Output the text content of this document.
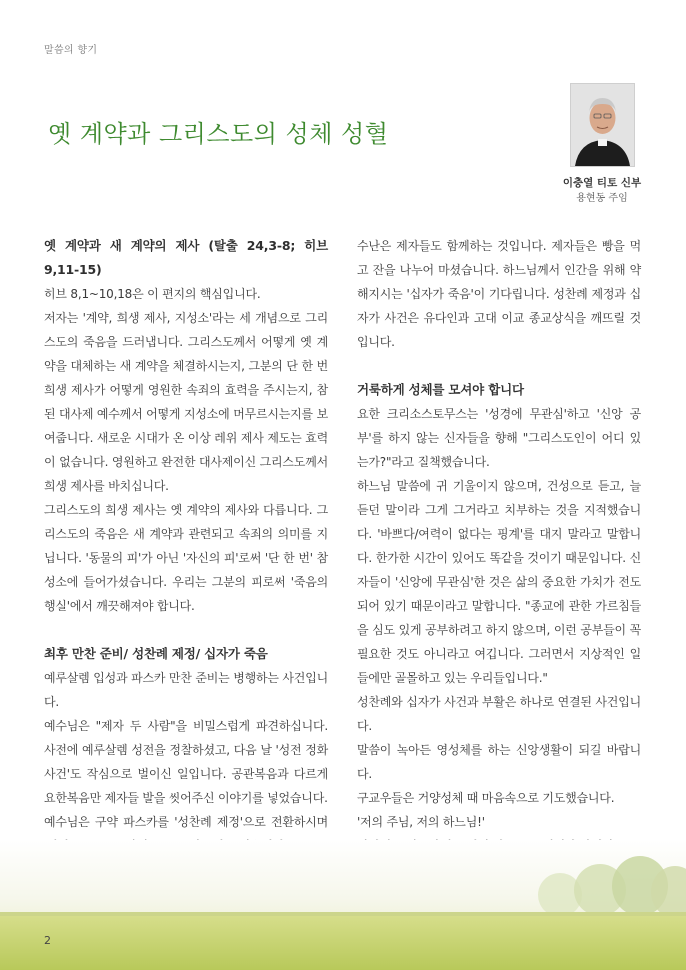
말씀의 향기
옛 계약과 그리스도의 성체 성혈
이충열 티토 신부
용현동 주임

옛 계약과 새 계약의 제사 (탈출 24,3-8; 히브 9,11-15)

히브 8,1~10,18은 이 편지의 핵심입니다.

저자는 '계약, 희생 제사, 지성소'라는 세 개념으로 그리스도의 죽음을 드러냅니다. 그리스도께서 어떻게 옛 계약을 대체하는 새 계약을 체결하시는지, 그분의 단 한 번 희생 제사가 어떻게 영원한 속죄의 효력을 주시는지, 참된 대사제 예수께서 어떻게 지성소에 머무르시는지를 보여줍니다. 새로운 시대가 온 이상 레위 제사 제도는 효력이 없습니다. 영원하고 완전한 대사제이신 그리스도께서 희생 제사를 바치십니다.

그리스도의 희생 제사는 옛 계약의 제사와 다릅니다. 그리스도의 죽음은 새 계약과 관련되고 속죄의 의미를 지닙니다. '동물의 피'가 아닌 '자신의 피'로써 '단 한 번' 참 성소에 들어가셨습니다. 우리는 그분의 피로써 '죽음의 행실'에서 깨끗해져야 합니다.

최후 만찬 준비/ 성찬례 제정/ 십자가 죽음

예루살렘 입성과 파스카 만찬 준비는 병행하는 사건입니다.

예수님은 "제자 두 사람"을 비밀스럽게 파견하십니다. 사전에 예루살렘 성전을 정찰하셨고, 다음 날 '성전 정화 사건'도 작심으로 벌이신 일입니다. 공관복음과 다르게 요한복음만 제자들 발을 씻어주신 이야기를 넣었습니다.

예수님은 구약 파스카를 '성찬례 제정'으로 전환하시며

수난은 제자들도 함께하는 것입니다. 제자들은 빵을 먹고 잔을 나누어 마셨습니다. 하느님께서 인간을 위해 약해지시는 '십자가 죽음'이 기다립니다. 성찬례 제정과 십자가 사건은 유다인과 고대 이교 종교상식을 깨뜨릴 것입니다.

거룩하게 성체를 모셔야 합니다

요한 크리소스토무스는 '성경에 무관심'하고 '신앙 공부'를 하지 않는 신자들을 향해 "그리스도인이 어디 있는가?"라고 질책했습니다.

하느님 말씀에 귀 기울이지 않으며, 건성으로 듣고, 늘 듣던 말이라 그게 그거라고 치부하는 것을 지적했습니다. '바쁘다/여력이 없다는 핑계'를 대지 말라고 말합니다. 한가한 시간이 있어도 똑같을 것이기 때문입니다. 신자들이 '신앙에 무관심'한 것은 삶의 중요한 가치가 전도되어 있기 때문이라고 말합니다. "종교에 관한 가르침들을 심도 있게 공부하려고 하지 않으며, 이런 공부들이 꼭 필요한 것도 아니라고 여깁니다. 그러면서 지상적인 일들에만 골몰하고 있는 우리들입니다."

성찬례와 십자가 사건과 부활은 하나로 연결된 사건입니다.

말씀이 녹아든 영성체를 하는 신앙생활이 되길 바랍니다.

구교우들은 거양성체 때 마음속으로 기도했습니다.

'저의 주님, 저의 하느님!'

2
